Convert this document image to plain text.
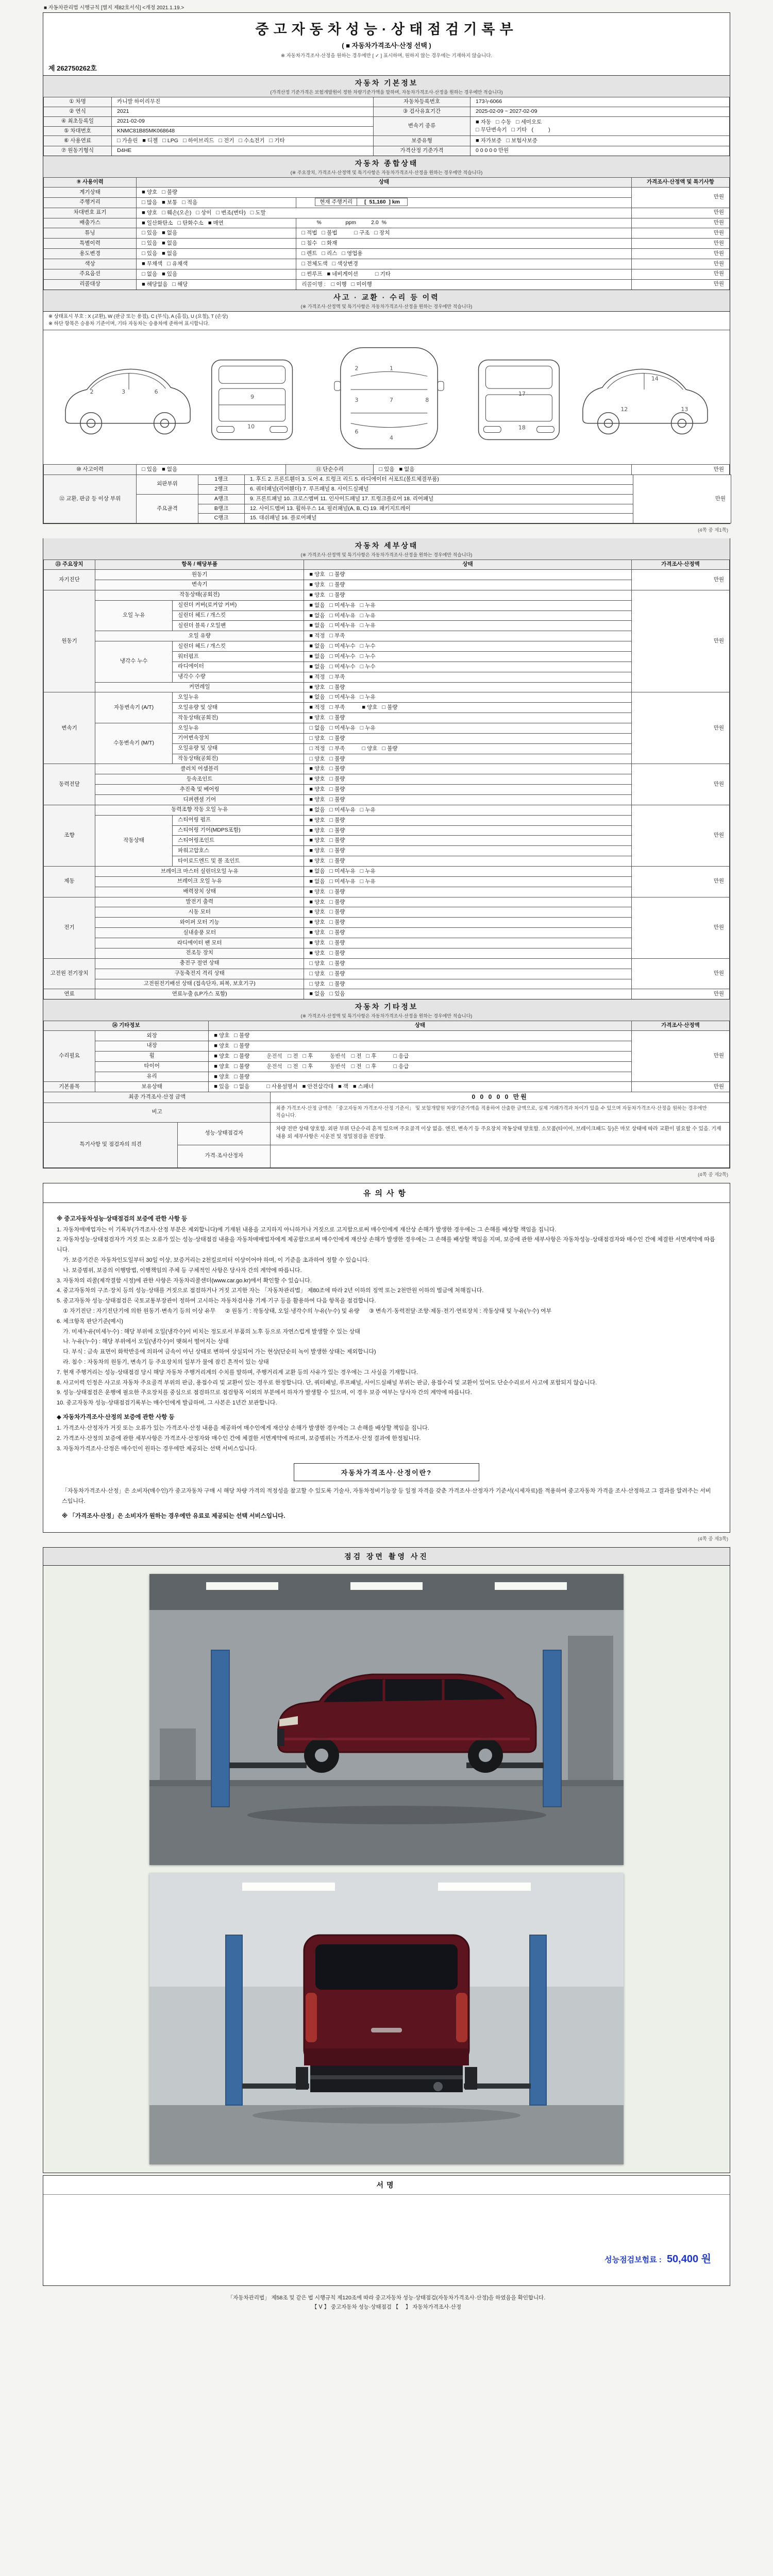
■ 자동차관리법 시행규칙 [별지 제82호서식] <개정 2021.1.19.>
중고자동차성능·상태점검기록부
( ■ 자동차가격조사·산정 선택 )
※ 자동차가격조사·산정을 원하는 경우에만 [ ✓ ] 표시하며, 원하지 않는 경우에는 기재하지 않습니다.
제 262750262호
자동차 기본정보
(가격산정 기준가격은 보험개발원이 정한 차량기준가액을 말하며, 자동차가격조사·산정을 원하는 경우에만 적습니다)
① 차명	카니발 하이리무진	자동차등록번호	173누6066
② 연식	2021	③ 검사유효기간	2025-02-09 ~ 2027-02-09
④ 최초등록일	2021-02-09	변속기 종류	■ 자동 □ 수동 □ 세미오토
□ 무단변속기 □ 기타 (          )
⑤ 차대번호	KNMC81B85MK068648		
⑥ 사용연료	□ 가솔린 ■ 디젤 □ LPG □ 하이브리드 □ 전기 □ 수소전기 □ 기타	보증유형	■ 자가보증 □ 보험사보증
⑦ 원동기형식	D4HE	가격산정 기준가격	0 0 0 0 0 만원
자동차 종합상태
(※ 주요장치, 가격조사·산정액 및 특기사항은 자동차가격조사·산정을 원하는 경우에만 적습니다)
⑨ 사용이력	상태		가격조사·산정액 및 특기사항
계기상태	■ 양호 □ 불량		만원
주행거리	□ 많음 ■ 보통 □ 적음	현재 주행거리 [  51,160  ] km	
차대번호 표기	■ 양호 □ 훼손(오손) □ 상이 □ 변조(변타) □ 도말		만원
배출가스	■ 일산화탄소 □ 탄화수소 ■ 매연	%                ppm          2.0  %	만원
튜닝	□ 있음 ■ 없음	□ 적법 □ 불법 □ 구조 □ 장치	만원
특별이력	□ 있음 ■ 없음	□ 침수 □ 화재	만원
용도변경	□ 있음 ■ 없음	□ 렌트 □ 리스 □ 영업용	만원
색상	■ 무채색 □ 유채색	□ 전체도색 □ 색상변경	만원
주요옵션	□ 없음 ■ 있음	□ 썬루프 ■ 네비게이션 □ 기타	만원
리콜대상	■ 해당없음 □ 해당	리콜이행 : □ 이행 □ 미이행	만원
사고 · 교환 · 수리 등 이력
(※ 가격조사·산정액 및 특기사항은 자동차가격조사·산정을 원하는 경우에만 적습니다)
※ 상태표시 부호 : X (교환), W (판금 또는 용접), C (부식), A (흠집), U (요철), T (손상)
※ 하단 항목은 승용차 기준이며, 기타 자동차는 승용차에 준하여 표시합니다.
2	3	6
9
10
1
7
4
2
3
6
8
17
18
12	13
14
⑩ 사고이력	□있음 ■ 없음	⑪ 단순수리	□있음 ■ 없음	만원
⑫ 교환, 판금 등 이상 부위	외판부위	1랭크	1. 후드 2. 프론트휀더 3. 도어 4. 트렁크 리드 5. 라디에이터 서포트(볼트체결부품)	만원
		2랭크	6. 쿼터패널(리어휀더) 7. 루프패널 8. 사이드실패널	
	주요골격	A랭크	9. 프론트패널 10. 크로스멤버 11. 인사이드패널 17. 트렁크플로어 18. 리어패널	
		B랭크	12. 사이드멤버 13. 휠하우스 14. 필러패널(A, B, C) 19. 패키지트레이	
		C랭크	15. 대쉬패널 16. 플로어패널	
(4쪽 중 제1쪽)
자동차 세부상태
(※ 가격조사·산정액 및 특기사항은 자동차가격조사·산정을 원하는 경우에만 적습니다)
⑬ 주요장치	항목 / 해당부품		상태	가격조사·산정액
자기진단	원동기		■ 양호 □ 불량	만원
	변속기		■ 양호 □ 불량
원동기	작동상태(공회전)		■ 양호 □ 불량	만원
	오일 누유	실린더 커버(로커암 커버)	■ 없음 □ 미세누유 □ 누유
		실린더 헤드 / 개스킷	■ 없음 □ 미세누유 □ 누유
		실린더 블록 / 오일팬	■ 없음 □ 미세누유 □ 누유
	오일 유량		■ 적정 □ 부족
	냉각수 누수	실린더 헤드 / 개스킷	■ 없음 □ 미세누수 □ 누수
		워터펌프	■ 없음 □ 미세누수 □ 누수
		라디에이터	■ 없음 □ 미세누수 □ 누수
		냉각수 수량	■ 적정 □ 부족
	커먼레일		■ 양호 □ 불량
변속기	자동변속기 (A/T)	오일누유	■ 없음 □ 미세누유 □ 누유	만원
		오일유량 및 상태	■ 적정 □ 부족 ■ 양호 □ 불량
		작동상태(공회전)	■ 양호 □ 불량
	수동변속기 (M/T)	오일누유	□ 없음 □ 미세누유 □ 누유
		기어변속장치	□ 양호 □ 불량
		오일유량 및 상태	□ 적정 □ 부족 □ 양호 □ 불량
		작동상태(공회전)	□ 양호 □ 불량
동력전달	클러치 어셈블리		■ 양호 □ 불량	만원
	등속조인트		■ 양호 □ 불량
	추진축 및 베어링		■ 양호 □ 불량
	디퍼렌셜 기어		■ 양호 □ 불량
조향	동력조향 작동 오일 누유		■ 없음 □ 미세누유 □ 누유	만원
	작동상태	스티어링 펌프	■ 양호 □ 불량
		스티어링 기어(MDPS포함)	■ 양호 □ 불량
		스티어링조인트	■ 양호 □ 불량
		파워고압호스	■ 양호 □ 불량
		타이로드엔드 및 볼 조인트	■ 양호 □ 불량
제동	브레이크 마스터 실린더오일 누유		■ 없음 □ 미세누유 □ 누유	만원
	브레이크 오일 누유		■ 없음 □ 미세누유 □ 누유
	배력장치 상태		■ 양호 □ 불량
전기	발전기 출력		■ 양호 □ 불량	만원
	시동 모터		■ 양호 □ 불량
	와이퍼 모터 기능		■ 양호 □ 불량
	실내송풍 모터		■ 양호 □ 불량
	라디에이터 팬 모터		■ 양호 □ 불량
	전조등 장치		■ 양호 □ 불량
고전원 전기장치	충전구 절연 상태		□ 양호 □ 불량	만원
	구동축전지 격리 상태		□ 양호 □ 불량
	고전원전기배선 상태 (접속단자, 피복, 보호기구)		□ 양호 □ 불량
연료	연료누출 (LP가스 포함)		■ 없음 □ 있음	만원
자동차 기타정보
(※ 가격조사·산정액 및 특기사항은 자동차가격조사·산정을 원하는 경우에만 적습니다)
⑭ 기타정보		상태	가격조사·산정액
수리필요	외장	■ 양호 □ 불량	만원
	내장	■ 양호 □ 불량
	휠	■ 양호 □ 불량 운전석 □ 전 □ 후 동반석 □ 전 □ 후 □ 응급
	타이어	■ 양호 □ 불량 운전석 □ 전 □ 후 동반석 □ 전 □ 후 □ 응급
	유리	■ 양호 □ 불량
기본품목	보유상태	■ 있음 □ 없음 □ 사용설명서 ■ 안전삼각대 ■ 잭 ■ 스패너	만원
최종 가격조사·산정 금액		0 0 0 0 0 만원
비고		최종 가격조사·산정 금액은 「중고자동차 가격조사·산정 기준서」 및 보험개발원 차량기준가액을 적용하여 산출한 금액으로, 실제 거래가격과 차이가 있을 수 있으며 자동차가격조사·산정을 원하는 경우에만 적습니다.
특기사항 및 점검자의 의견	성능·상태점검자	차량 전반 상태 양호함. 외판 부위 단순수리 흔적 있으며 주요골격 이상 없음. 엔진, 변속기 등 주요장치 작동상태 양호함. 소모품(타이어, 브레이크패드 등)은 마모 상태에 따라 교환이 필요할 수 있음. 기재 내용 외 세부사항은 시운전 및 정밀점검을 권장함.
	가격·조사산정자	
(4쪽 중 제2쪽)
유의사항
※ 중고자동차성능·상태점검의 보증에 관한 사항 등
1. 자동차매매업자는 이 기록부(가격조사·산정 부분은 제외합니다)에 기재된 내용을 고지하지 아니하거나 거짓으로 고지함으로써 매수인에게 재산상 손해가 발생한 경우에는 그 손해를 배상할 책임을 집니다.
2. 자동차성능·상태점검자가 거짓 또는 오류가 있는 성능·상태점검 내용을 자동차매매업자에게 제공함으로써 매수인에게 재산상 손해가 발생한 경우에는 그 손해를 배상할 책임을 지며, 보증에 관한 세부사항은 자동차성능·상태점검자와 매수인 간에 체결한 서면계약에 따릅니다.
가. 보증기간은 자동차인도일부터 30일 이상, 보증거리는 2천킬로미터 이상이어야 하며, 이 기준을 초과하여 정할 수 있습니다.
나. 보증범위, 보증의 이행방법, 이행책임의 주체 등 구체적인 사항은 당사자 간의 계약에 따릅니다.
3. 자동차의 리콜(제작결함 시정)에 관한 사항은 자동차리콜센터(www.car.go.kr)에서 확인할 수 있습니다.
4. 중고자동차의 구조·장치 등의 성능·상태를 거짓으로 점검하거나 거짓 고지한 자는 「자동차관리법」 제80조에 따라 2년 이하의 징역 또는 2천만원 이하의 벌금에 처해집니다.
5. 중고자동차 성능·상태점검은 국토교통부장관이 정하여 고시하는 자동차검사용 기계·기구 등을 활용하여 다음 항목을 점검합니다.
① 자기진단 : 자기진단기에 의한 원동기·변속기 등의 이상 유무      ② 원동기 : 작동상태, 오일·냉각수의 누유(누수) 및 유량      ③ 변속기·동력전달·조향·제동·전기·연료장치 : 작동상태 및 누유(누수) 여부
6. 체크항목 판단기준(예시)
가. 미세누유(미세누수) : 해당 부위에 오일(냉각수)이 비치는 정도로서 부품의 노후 등으로 자연스럽게 발생할 수 있는 상태
나. 누유(누수) : 해당 부위에서 오일(냉각수)이 맺혀서 떨어지는 상태
다. 부식 : 금속 표면이 화학반응에 의하여 금속이 아닌 상태로 변하여 상실되어 가는 현상(단순히 녹이 발생한 상태는 제외합니다)
라. 침수 : 자동차의 원동기, 변속기 등 주요장치의 일부가 물에 잠긴 흔적이 있는 상태
7. 현재 주행거리는 성능·상태점검 당시 해당 자동차 주행거리계의 수치를 말하며, 주행거리계 교환 등의 사유가 있는 경우에는 그 사실을 기재합니다.
8. 사고이력 인정은 사고로 자동차 주요골격 부위의 판금, 용접수리 및 교환이 있는 경우로 한정합니다. 단, 쿼터패널, 루프패널, 사이드실패널 부위는 판금, 용접수리 및 교환이 있어도 단순수리로서 사고에 포함되지 않습니다.
9. 성능·상태점검은 운행에 필요한 주요장치를 중심으로 점검하므로 점검항목 이외의 부분에서 하자가 발생할 수 있으며, 이 경우 보증 여부는 당사자 간의 계약에 따릅니다.
10. 중고자동차 성능·상태점검기록부는 매수인에게 발급하며, 그 사본은 1년간 보관합니다.
◆ 자동차가격조사·산정의 보증에 관한 사항 등
1. 가격조사·산정자가 거짓 또는 오류가 있는 가격조사·산정 내용을 제공하여 매수인에게 재산상 손해가 발생한 경우에는 그 손해를 배상할 책임을 집니다.
2. 가격조사·산정의 보증에 관한 세부사항은 가격조사·산정자와 매수인 간에 체결한 서면계약에 따르며, 보증범위는 가격조사·산정 결과에 한정됩니다.
3. 자동차가격조사·산정은 매수인이 원하는 경우에만 제공되는 선택 서비스입니다.
자동차가격조사·산정이란?
「자동차가격조사·산정」은 소비자(매수인)가 중고자동차 구매 시 해당 차량 가격의 적정성을 참고할 수 있도록 기술사, 자동차정비기능장 등 일정 자격을 갖춘 가격조사·산정자가 기준서(시세자료)를 적용하여 중고자동차 가격을 조사·산정하고 그 결과를 알려주는 서비스입니다.
※ 「가격조사·산정」은 소비자가 원하는 경우에만 유료로 제공되는 선택 서비스입니다.
(4쪽 중 제3쪽)
점검 장면 촬영 사진
서명
성능점검보험료 : 50,400 원
「자동차관리법」 제58조 및 같은 법 시행규칙 제120조에 따라 중고자동차 성능·상태점검(자동차가격조사·산정)을 하였음을 확인합니다.
【 Ⅴ 】 중고자동차 성능·상태점검 【　 】 자동차가격조사·산정
